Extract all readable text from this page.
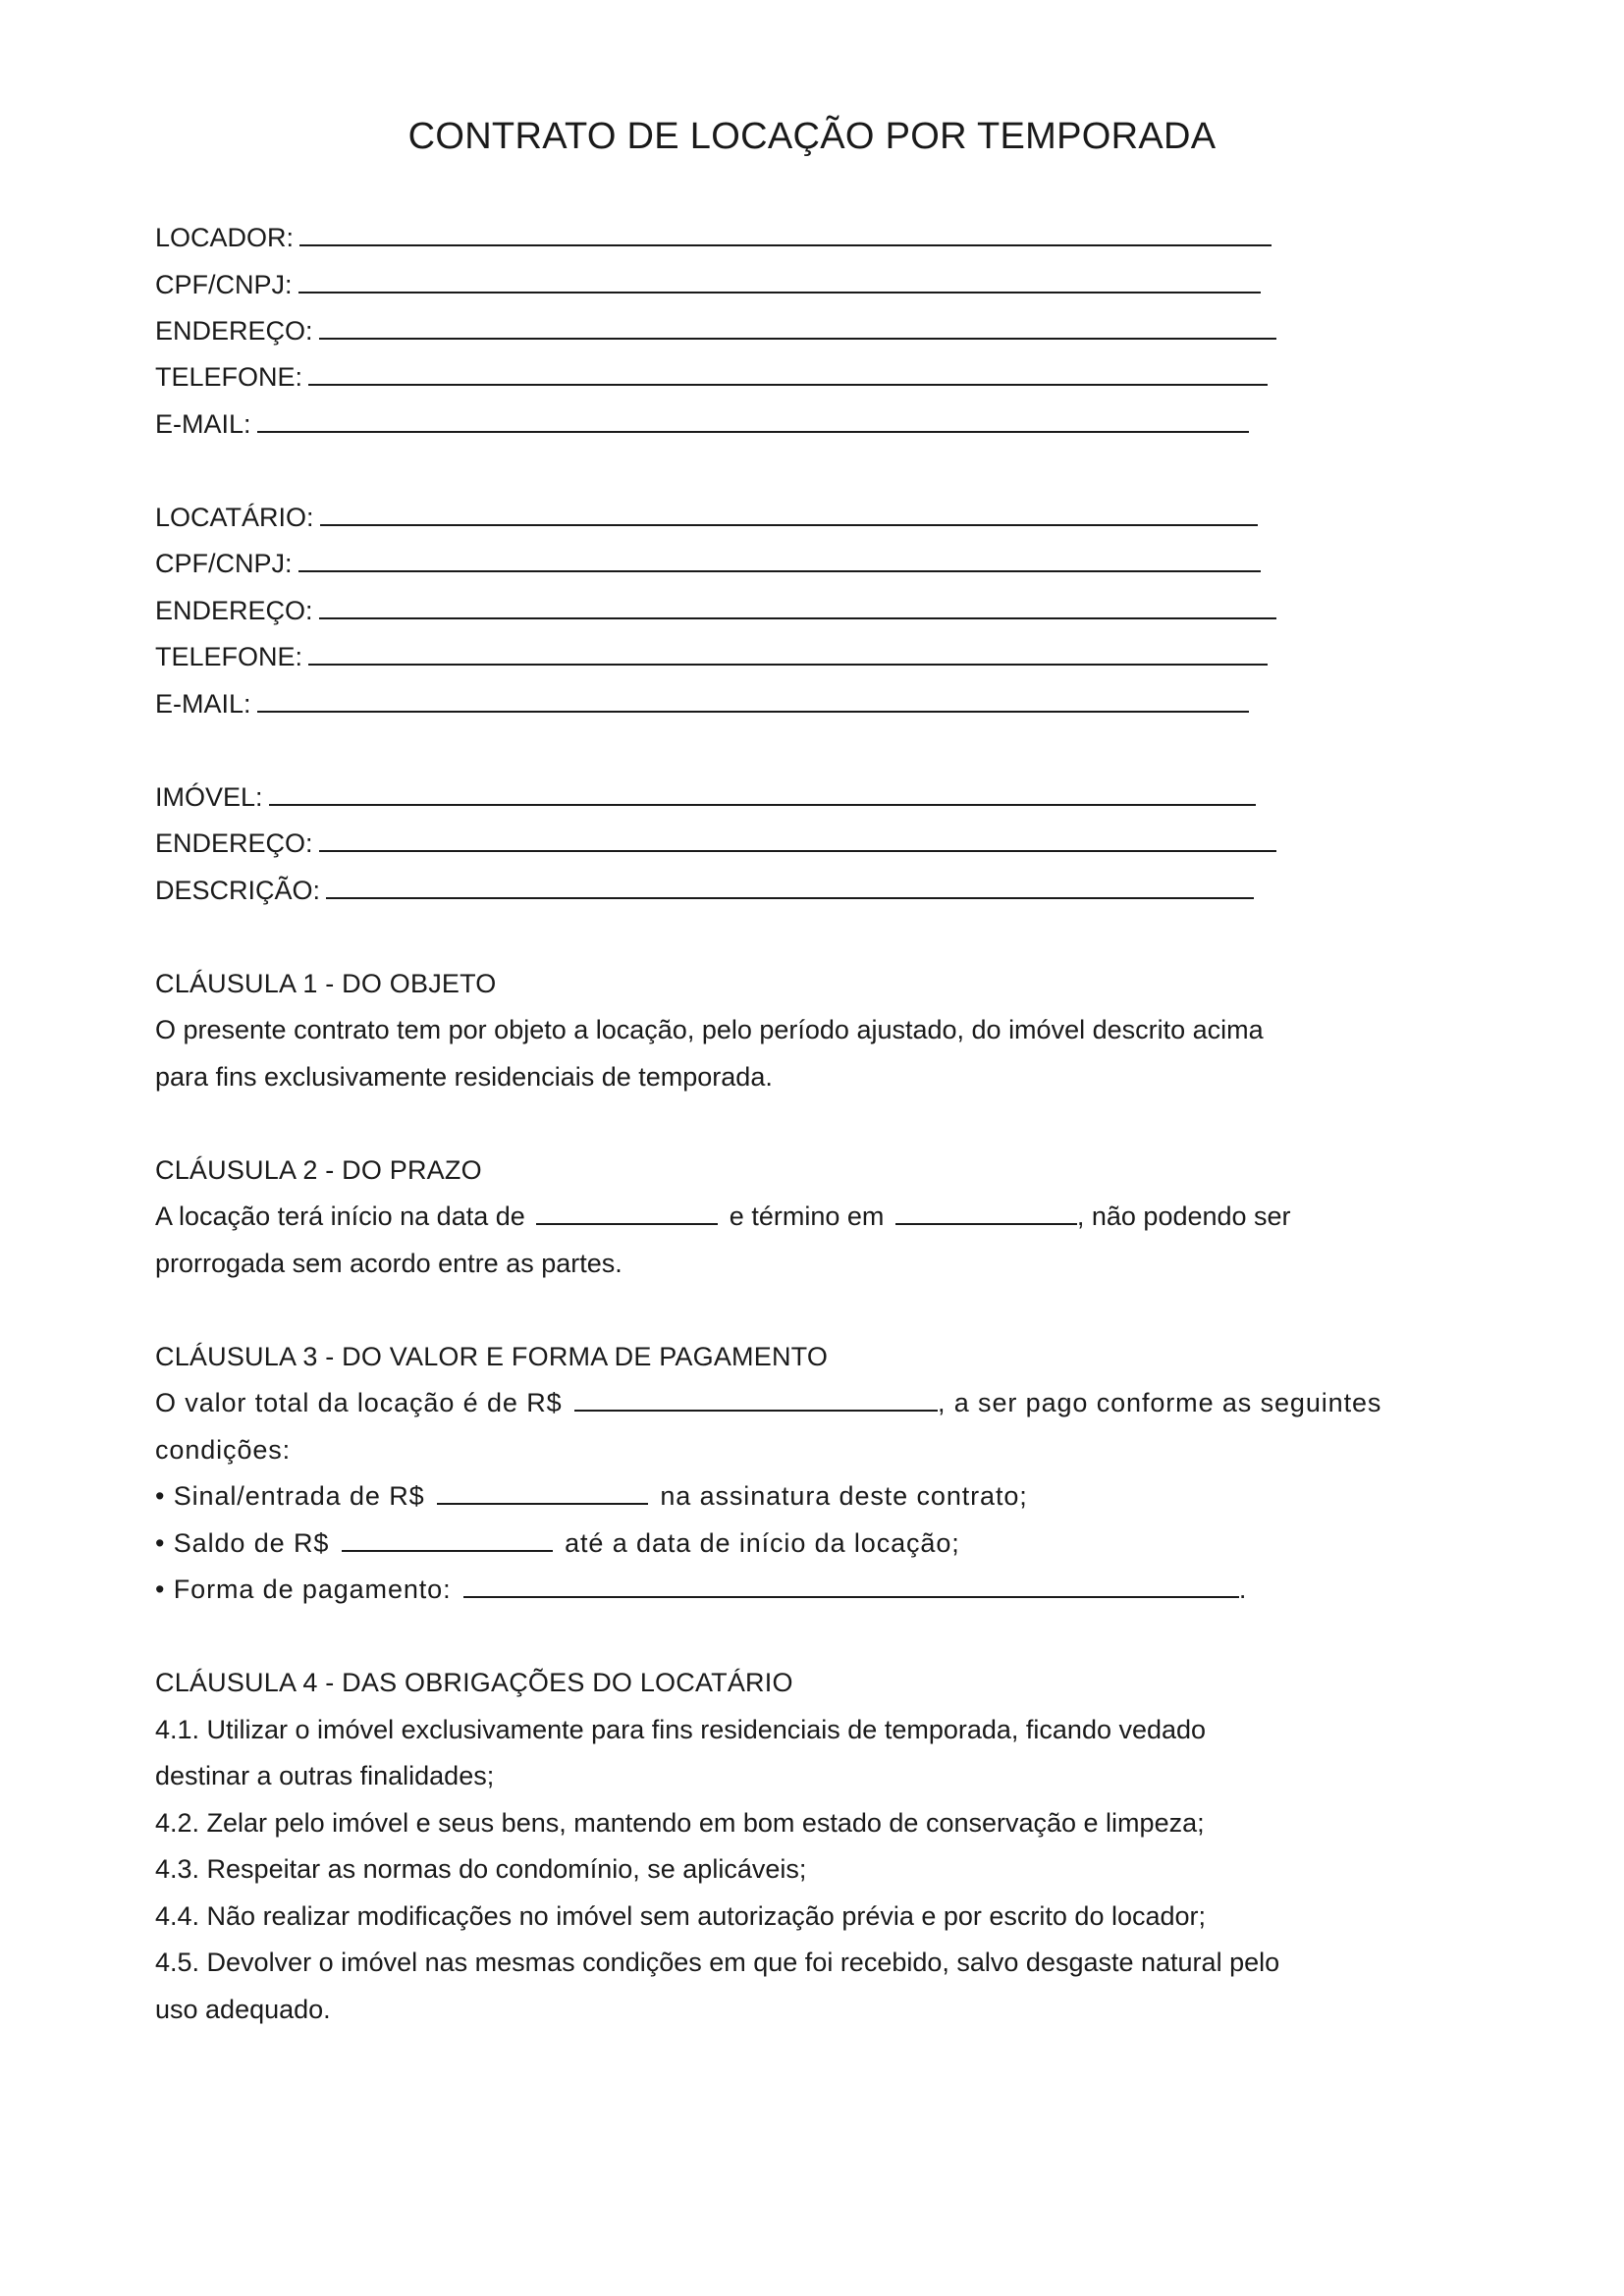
CONTRATO DE LOCAÇÃO POR TEMPORADA
LOCADOR:
CPF/CNPJ:
ENDEREÇO:
TELEFONE:
E-MAIL:
LOCATÁRIO:
CPF/CNPJ:
ENDEREÇO:
TELEFONE:
E-MAIL:
IMÓVEL:
ENDEREÇO:
DESCRIÇÃO:

CLÁUSULA 1 - DO OBJETO

O presente contrato tem por objeto a locação, pelo período ajustado, do imóvel descrito acima

para fins exclusivamente residenciais de temporada.

CLÁUSULA 2 - DO PRAZO

A locação terá início na data de	e término em	, não podendo ser

prorrogada sem acordo entre as partes.

CLÁUSULA 3 - DO VALOR E FORMA DE PAGAMENTO

O valor total da locação é de R$	, a ser pago conforme as seguintes

condições:

• Sinal/entrada de R$	na assinatura deste contrato;
• Saldo de R$	até a data de início da locação;
• Forma de pagamento:	.

CLÁUSULA 4 - DAS OBRIGAÇÕES DO LOCATÁRIO

4.1. Utilizar o imóvel exclusivamente para fins residenciais de temporada, ficando vedado

destinar a outras finalidades;

4.2. Zelar pelo imóvel e seus bens, mantendo em bom estado de conservação e limpeza;

4.3. Respeitar as normas do condomínio, se aplicáveis;

4.4. Não realizar modificações no imóvel sem autorização prévia e por escrito do locador;

4.5. Devolver o imóvel nas mesmas condições em que foi recebido, salvo desgaste natural pelo

uso adequado.
